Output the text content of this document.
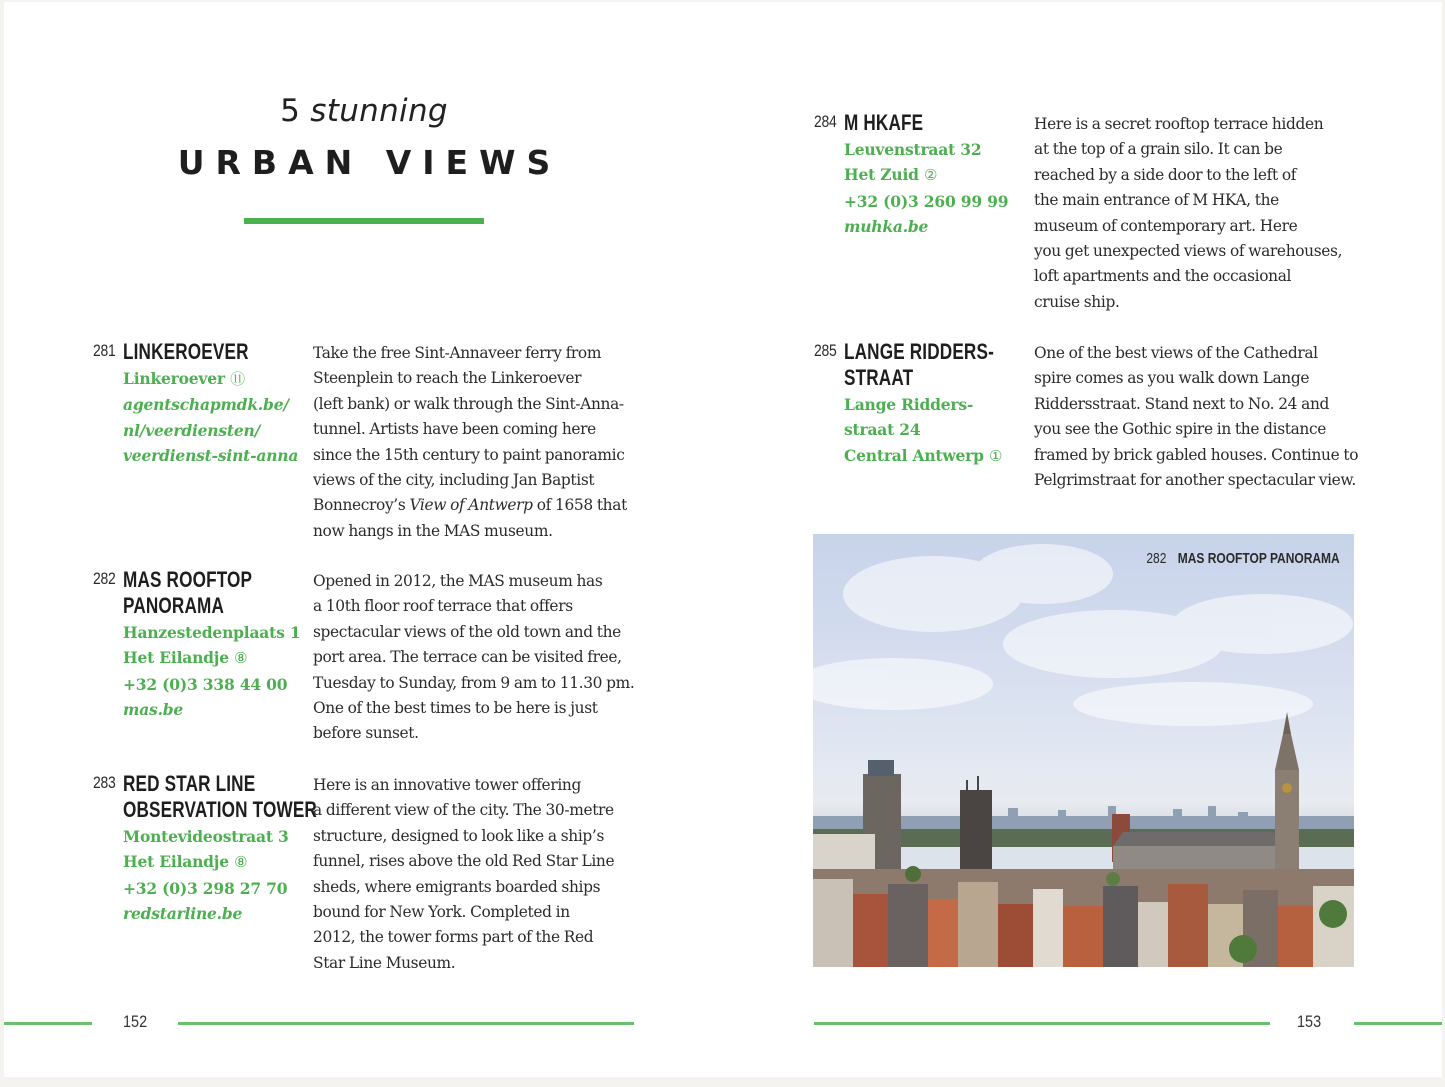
5 stunning
URBAN VIEWS
281 LINKEROEVER
Linkeroever ⑪
agentschapmdk.be/
nl/veerdiensten/
veerdienst-sint-anna
Take the free Sint-Annaveer ferry from
Steenplein to reach the Linkeroever
(left bank) or walk through the Sint-Anna-
tunnel. Artists have been coming here
since the 15th century to paint panoramic
views of the city, including Jan Baptist
Bonnecroy’s View of Antwerp of 1658 that
now hangs in the MAS museum.
282 MAS ROOFTOP
PANORAMA
Hanzestedenplaats 1
Het Eilandje ⑧
+32 (0)3 338 44 00
mas.be
Opened in 2012, the MAS museum has
a 10th floor roof terrace that offers
spectacular views of the old town and the
port area. The terrace can be visited free,
Tuesday to Sunday, from 9 am to 11.30 pm.
One of the best times to be here is just
before sunset.
283 RED STAR LINE
OBSERVATION TOWER
Montevideostraat 3
Het Eilandje ⑧
+32 (0)3 298 27 70
redstarline.be
Here is an innovative tower offering
a different view of the city. The 30-metre
structure, designed to look like a ship’s
funnel, rises above the old Red Star Line
sheds, where emigrants boarded ships
bound for New York. Completed in
2012, the tower forms part of the Red
Star Line Museum.
152
284 M HKAFE
Leuvenstraat 32
Het Zuid ②
+32 (0)3 260 99 99
muhka.be
Here is a secret rooftop terrace hidden
at the top of a grain silo. It can be
reached by a side door to the left of
the main entrance of M HKA, the
museum of contemporary art. Here
you get unexpected views of warehouses,
loft apartments and the occasional
cruise ship.
285 LANGE RIDDERS-
STRAAT
Lange Ridders-
straat 24
Central Antwerp ①
One of the best views of the Cathedral
spire comes as you walk down Lange
Riddersstraat. Stand next to No. 24 and
you see the Gothic spire in the distance
framed by brick gabled houses. Continue to
Pelgrimstraat for another spectacular view.
282 MAS ROOFTOP PANORAMA
153
